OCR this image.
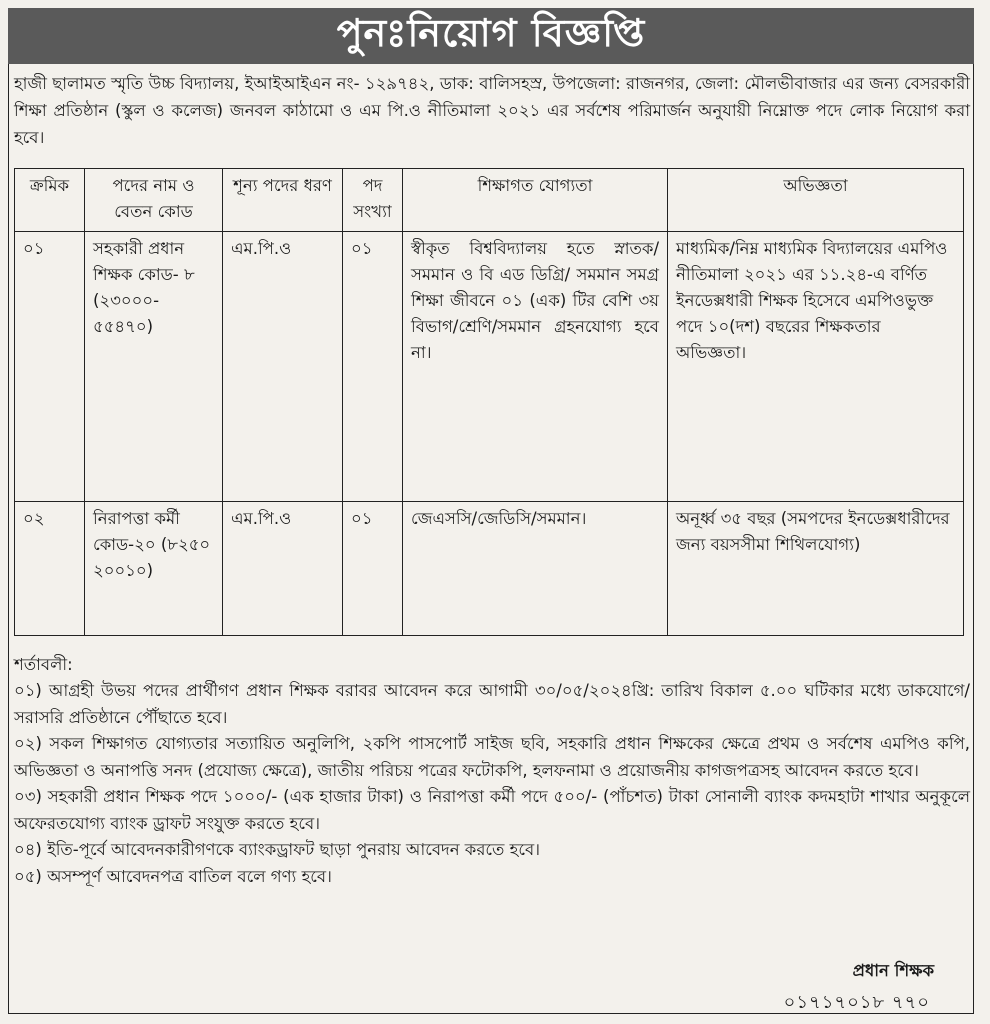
পুনঃনিয়োগ বিজ্ঞপ্তি
হাজী ছালামত স্মৃতি উচ্চ বিদ্যালয়, ইআইআইএন নং- ১২৯৭৪২, ডাক: বালিসহস্র, উপজেলা: রাজনগর, জেলা: মৌলভীবাজার এর জন্য বেসরকারী শিক্ষা প্রতিষ্ঠান (স্কুল ও কলেজ) জনবল কাঠামো ও এম পি.ও নীতিমালা ২০২১ এর সর্বশেষ পরিমার্জন অনুযায়ী নিম্নোক্ত পদে লোক নিয়োগ করা হবে।
ক্রমিক	পদের নাম ও বেতন কোড	শূন্য পদের ধরণ	পদ সংখ্যা	শিক্ষাগত যোগ্যতা	অভিজ্ঞতা
০১	সহকারী প্রধান শিক্ষক কোড- ৮ (২৩০০০- ৫৫৪৭০)	এম.পি.ও	০১	স্বীকৃত বিশ্ববিদ্যালয় হতে স্নাতক/সমমান ও বি এড ডিগ্রি/ সমমান সমগ্র শিক্ষা জীবনে ০১ (এক) টির বেশি ৩য় বিভাগ/শ্রেণি/সমমান গ্রহনযোগ্য হবে না।	মাধ্যমিক/নিম্ন মাধ্যমিক বিদ্যালয়ের এমপিও নীতিমালা ২০২১ এর ১১.২৪-এ বর্ণিত ইনডেক্সধারী শিক্ষক হিসেবে এমপিওভুক্ত পদে ১০(দশ) বছরের শিক্ষকতার অভিজ্ঞতা।
০২	নিরাপত্তা কর্মী কোড-২০ (৮২৫০ ২০০১০)	এম.পি.ও	০১	জেএসসি/জেডিসি/সমমান।	অনূর্ধ্ব ৩৫ বছর (সমপদের ইনডেক্সধারীদের জন্য বয়সসীমা শিথিলযোগ্য)
শর্তাবলী:
০১) আগ্রহী উভয় পদের প্রার্থীগণ প্রধান শিক্ষক বরাবর আবেদন করে আগামী ৩০/০৫/২০২৪খ্রি: তারিখ বিকাল ৫.০০ ঘটিকার মধ্যে ডাকযোগে/সরাসরি প্রতিষ্ঠানে পৌঁছাতে হবে।
০২) সকল শিক্ষাগত যোগ্যতার সত্যায়িত অনুলিপি, ২কপি পাসপোর্ট সাইজ ছবি, সহকারি প্রধান শিক্ষকের ক্ষেত্রে প্রথম ও সর্বশেষ এমপিও কপি, অভিজ্ঞতা ও অনাপত্তি সনদ (প্রযোজ্য ক্ষেত্রে), জাতীয় পরিচয় পত্রের ফটোকপি, হলফনামা ও প্রয়োজনীয় কাগজপত্রসহ আবেদন করতে হবে।
০৩) সহকারী প্রধান শিক্ষক পদে ১০০০/- (এক হাজার টাকা) ও নিরাপত্তা কর্মী পদে ৫০০/- (পাঁচশত) টাকা সোনালী ব্যাংক কদমহাটা শাখার অনুকূলে অফেরতযোগ্য ব্যাংক ড্রাফট সংযুক্ত করতে হবে।
০৪) ইতি-পূর্বে আবেদনকারীগণকে ব্যাংকড্রাফট ছাড়া পুনরায় আবেদন করতে হবে।
০৫) অসম্পূর্ণ আবেদনপত্র বাতিল বলে গণ্য হবে।
প্রধান শিক্ষক
০১৭১৭০১৮ ৭৭০
